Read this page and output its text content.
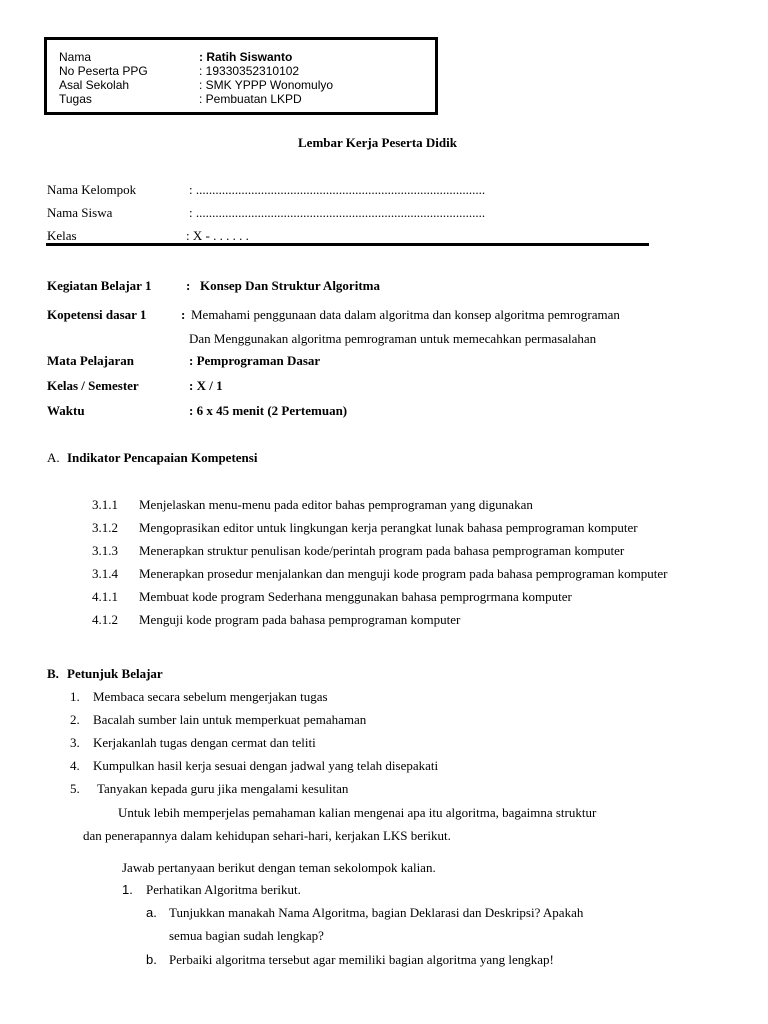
Nama	: Ratih Siswanto
No Peserta PPG	: 19330352310102
Asal Sekolah	: SMK YPPP Wonomulyo
Tugas	: Pembuatan LKPD
Lembar Kerja Peserta Didik
Nama Kelompok	: .........................................................................................
Nama Siswa	: .........................................................................................
Kelas	: X - . . . . . .
Kegiatan Belajar 1	: Konsep Dan Struktur Algoritma
Kopetensi dasar 1	: Memahami penggunaan data dalam algoritma dan konsep algoritma pemrograman
Dan Menggunakan algoritma pemrograman untuk memecahkan permasalahan
Mata Pelajaran	: Pemprograman Dasar
Kelas / Semester	: X / 1
Waktu	: 6 x 45 menit (2 Pertemuan)
A. Indikator Pencapaian Kompetensi
3.1.1 Menjelaskan menu-menu pada editor bahas pemprograman yang digunakan
3.1.2 Mengoprasikan editor untuk lingkungan kerja perangkat lunak bahasa pemprograman komputer
3.1.3 Menerapkan struktur penulisan kode/perintah program pada bahasa pemprograman komputer
3.1.4 Menerapkan prosedur menjalankan dan menguji kode program pada bahasa pemprograman komputer
4.1.1 Membuat kode program Sederhana menggunakan bahasa pemprogrmana komputer
4.1.2 Menguji kode program pada bahasa pemprograman komputer
B. Petunjuk Belajar
1. Membaca secara sebelum mengerjakan tugas
2. Bacalah sumber lain untuk memperkuat pemahaman
3. Kerjakanlah tugas dengan cermat dan teliti
4. Kumpulkan hasil kerja sesuai dengan jadwal yang telah disepakati
5. Tanyakan kepada guru jika mengalami kesulitan
Untuk lebih memperjelas pemahaman kalian mengenai apa itu algoritma, bagaimna struktur
dan penerapannya dalam kehidupan sehari-hari, kerjakan LKS berikut.
Jawab pertanyaan berikut dengan teman sekolompok kalian.
1. Perhatikan Algoritma berikut.
a. Tunjukkan manakah Nama Algoritma, bagian Deklarasi dan Deskripsi? Apakah
semua bagian sudah lengkap?
b. Perbaiki algoritma tersebut agar memiliki bagian algoritma yang lengkap!
